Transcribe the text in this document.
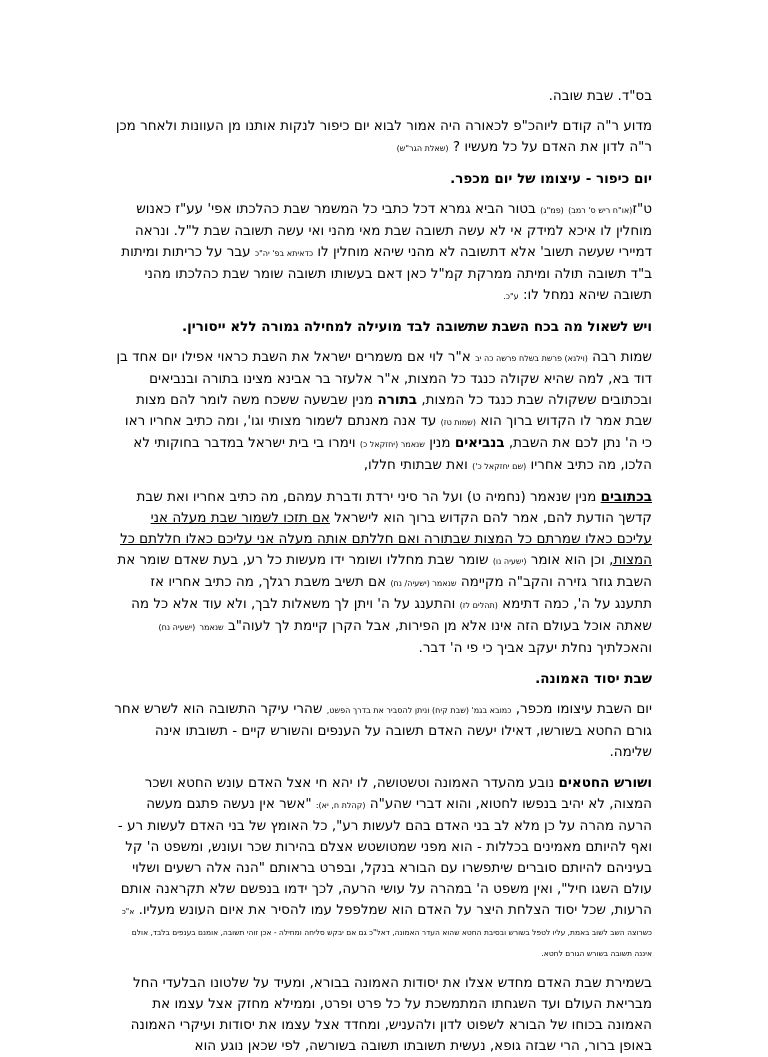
בס"ד. שבת שובה.

מדוע ר"ה קודם ליוהכ"פ לכאורה היה אמור לבוא יום כיפור לנקות אותנו מן העוונות ולאחר מכן ר"ה לדון את האדם על כל מעשיו ? (שאלת הגר"ש)

יום כיפור - עיצומו של יום מכפר.

ט"ז(או"ח ריש ס' רמב) (פמ"ג) בטור הביא גמרא דכל כתבי כל המשמר שבת כהלכתו אפי' עע"ז כאנוש מוחלין לו איכא למידק אי לא עשה תשובה שבת מאי מהני ואי עשה תשובה שבת ל"ל. ונראה דמיירי שעשה תשוב' אלא דתשובה לא מהני שיהא מוחלין לו כדאיתא בפ' יה"כ עבר על כריתות ומיתות ב"ד תשובה תולה ומיתה ממרקת קמ"ל כאן דאם בעשותו תשובה שומר שבת כהלכתו מהני תשובה שיהא נמחל לו: ע"כ.

ויש לשאול מה בכח השבת שתשובה לבד מועילה למחילה גמורה ללא ייסורין.

שמות רבה (וילנא) פרשת בשלח פרשה כה יב א"ר לוי אם משמרים ישראל את השבת כראוי אפילו יום אחד בן דוד בא, למה שהיא שקולה כנגד כל המצות, א"ר אלעזר בר אבינא מצינו בתורה ובנביאים ובכתובים ששקולה שבת כנגד כל המצות, בתורה מנין שבשעה ששכח משה לומר להם מצות שבת אמר לו הקדוש ברוך הוא (שמות טז) עד אנה מאנתם לשמור מצותי וגו', ומה כתיב אחריו ראו כי ה' נתן לכם את השבת, בנביאים מנין שנאמר (יחזקאל כ) וימרו בי בית ישראל במדבר בחוקותי לא הלכו, מה כתיב אחריו (שם יחזקאל כ') ואת שבתותי חללו,

בכתובים מנין שנאמר (נחמיה ט) ועל הר סיני ירדת ודברת עמהם, מה כתיב אחריו ואת שבת קדשך הודעת להם, אמר להם הקדוש ברוך הוא לישראל אם תזכו לשמור שבת מעלה אני עליכם כאלו שמרתם כל המצות שבתורה ואם חללתם אותה מעלה אני עליכם כאלו חללתם כל המצות, וכן הוא אומר (ישעיה נו) שומר שבת מחללו ושומר ידו מעשות כל רע, בעת שאדם שומר את השבת גוזר גזירה והקב"ה מקיימה שנאמר (ישעיה/ נח) אם תשיב משבת רגלך, מה כתיב אחריו אז תתענג על ה', כמה דתימא (תהלים לז) והתענג על ה' ויתן לך משאלות לבך, ולא עוד אלא כל מה שאתה אוכל בעולם הזה אינו אלא מן הפירות, אבל הקרן קיימת לך לעוה"ב שנאמר (ישעיה נח) והאכלתיך נחלת יעקב אביך כי פי ה' דבר.

שבת יסוד האמונה.

יום השבת עיצומו מכפר, כמובא בגמ' (שבת קיח) וניתן להסביר את בדרך הפשט, שהרי עיקר התשובה הוא לשרש אחר גורם החטא בשורשו, דאילו יעשה האדם תשובה על הענפים והשורש קיים - תשובתו אינה שלימה.

ושורש החטאים נובע מהעדר האמונה וטשטושה, לו יהא חי אצל האדם עונש החטא ושכר המצוה, לא יהיב בנפשו לחטוא, והוא דברי שהע"ה (קהלת ח, יא): "אשר אין נעשה פתגם מעשה הרעה מהרה על כן מלא לב בני האדם בהם לעשות רע", כל האומץ של בני האדם לעשות רע - ואף להיותם מאמינים בכללות - הוא מפני שמטושטש אצלם בהירות שכר ועונש, ומשפט ה' קל בעיניהם להיותם סוברים שיתפשרו עם הבורא בנקל, ובפרט בראותם "הנה אלה רשעים ושלוי עולם השגו חיל", ואין משפט ה' במהרה על עושי הרעה, לכך ידמו בנפשם שלא תקראנה אותם הרעות, שכל יסוד הצלחת היצר על האדם הוא שמלפפל עמו להסיר את איום העונש מעליו. א"כ כשרוצה השב לשוב באמת, עליו לטפל בשורש ובסיבת החטא שהוא העדר האמונה, דאל"כ גם אם יבקש סליחה ומחילה - אכן זוהי תשובה, אומנם בענפים בלבד, אולם איננה תשובה בשורש הגורם לחטא.

בשמירת שבת האדם מחדש אצלו את יסודות האמונה בבורא, ומעיד על שלטונו הבלעדי החל מבריאת העולם ועד השגחתו המתמשכת על כל פרט ופרט, וממילא מחזק אצל עצמו את האמונה בכוחו של הבורא לשפוט לדון ולהעניש, ומחדד אצל עצמו את יסודות ועיקרי האמונה באופן ברור, הרי שבזה גופא, נעשית תשובתו תשובה בשורשה, לפי שכאן נוגע הוא
